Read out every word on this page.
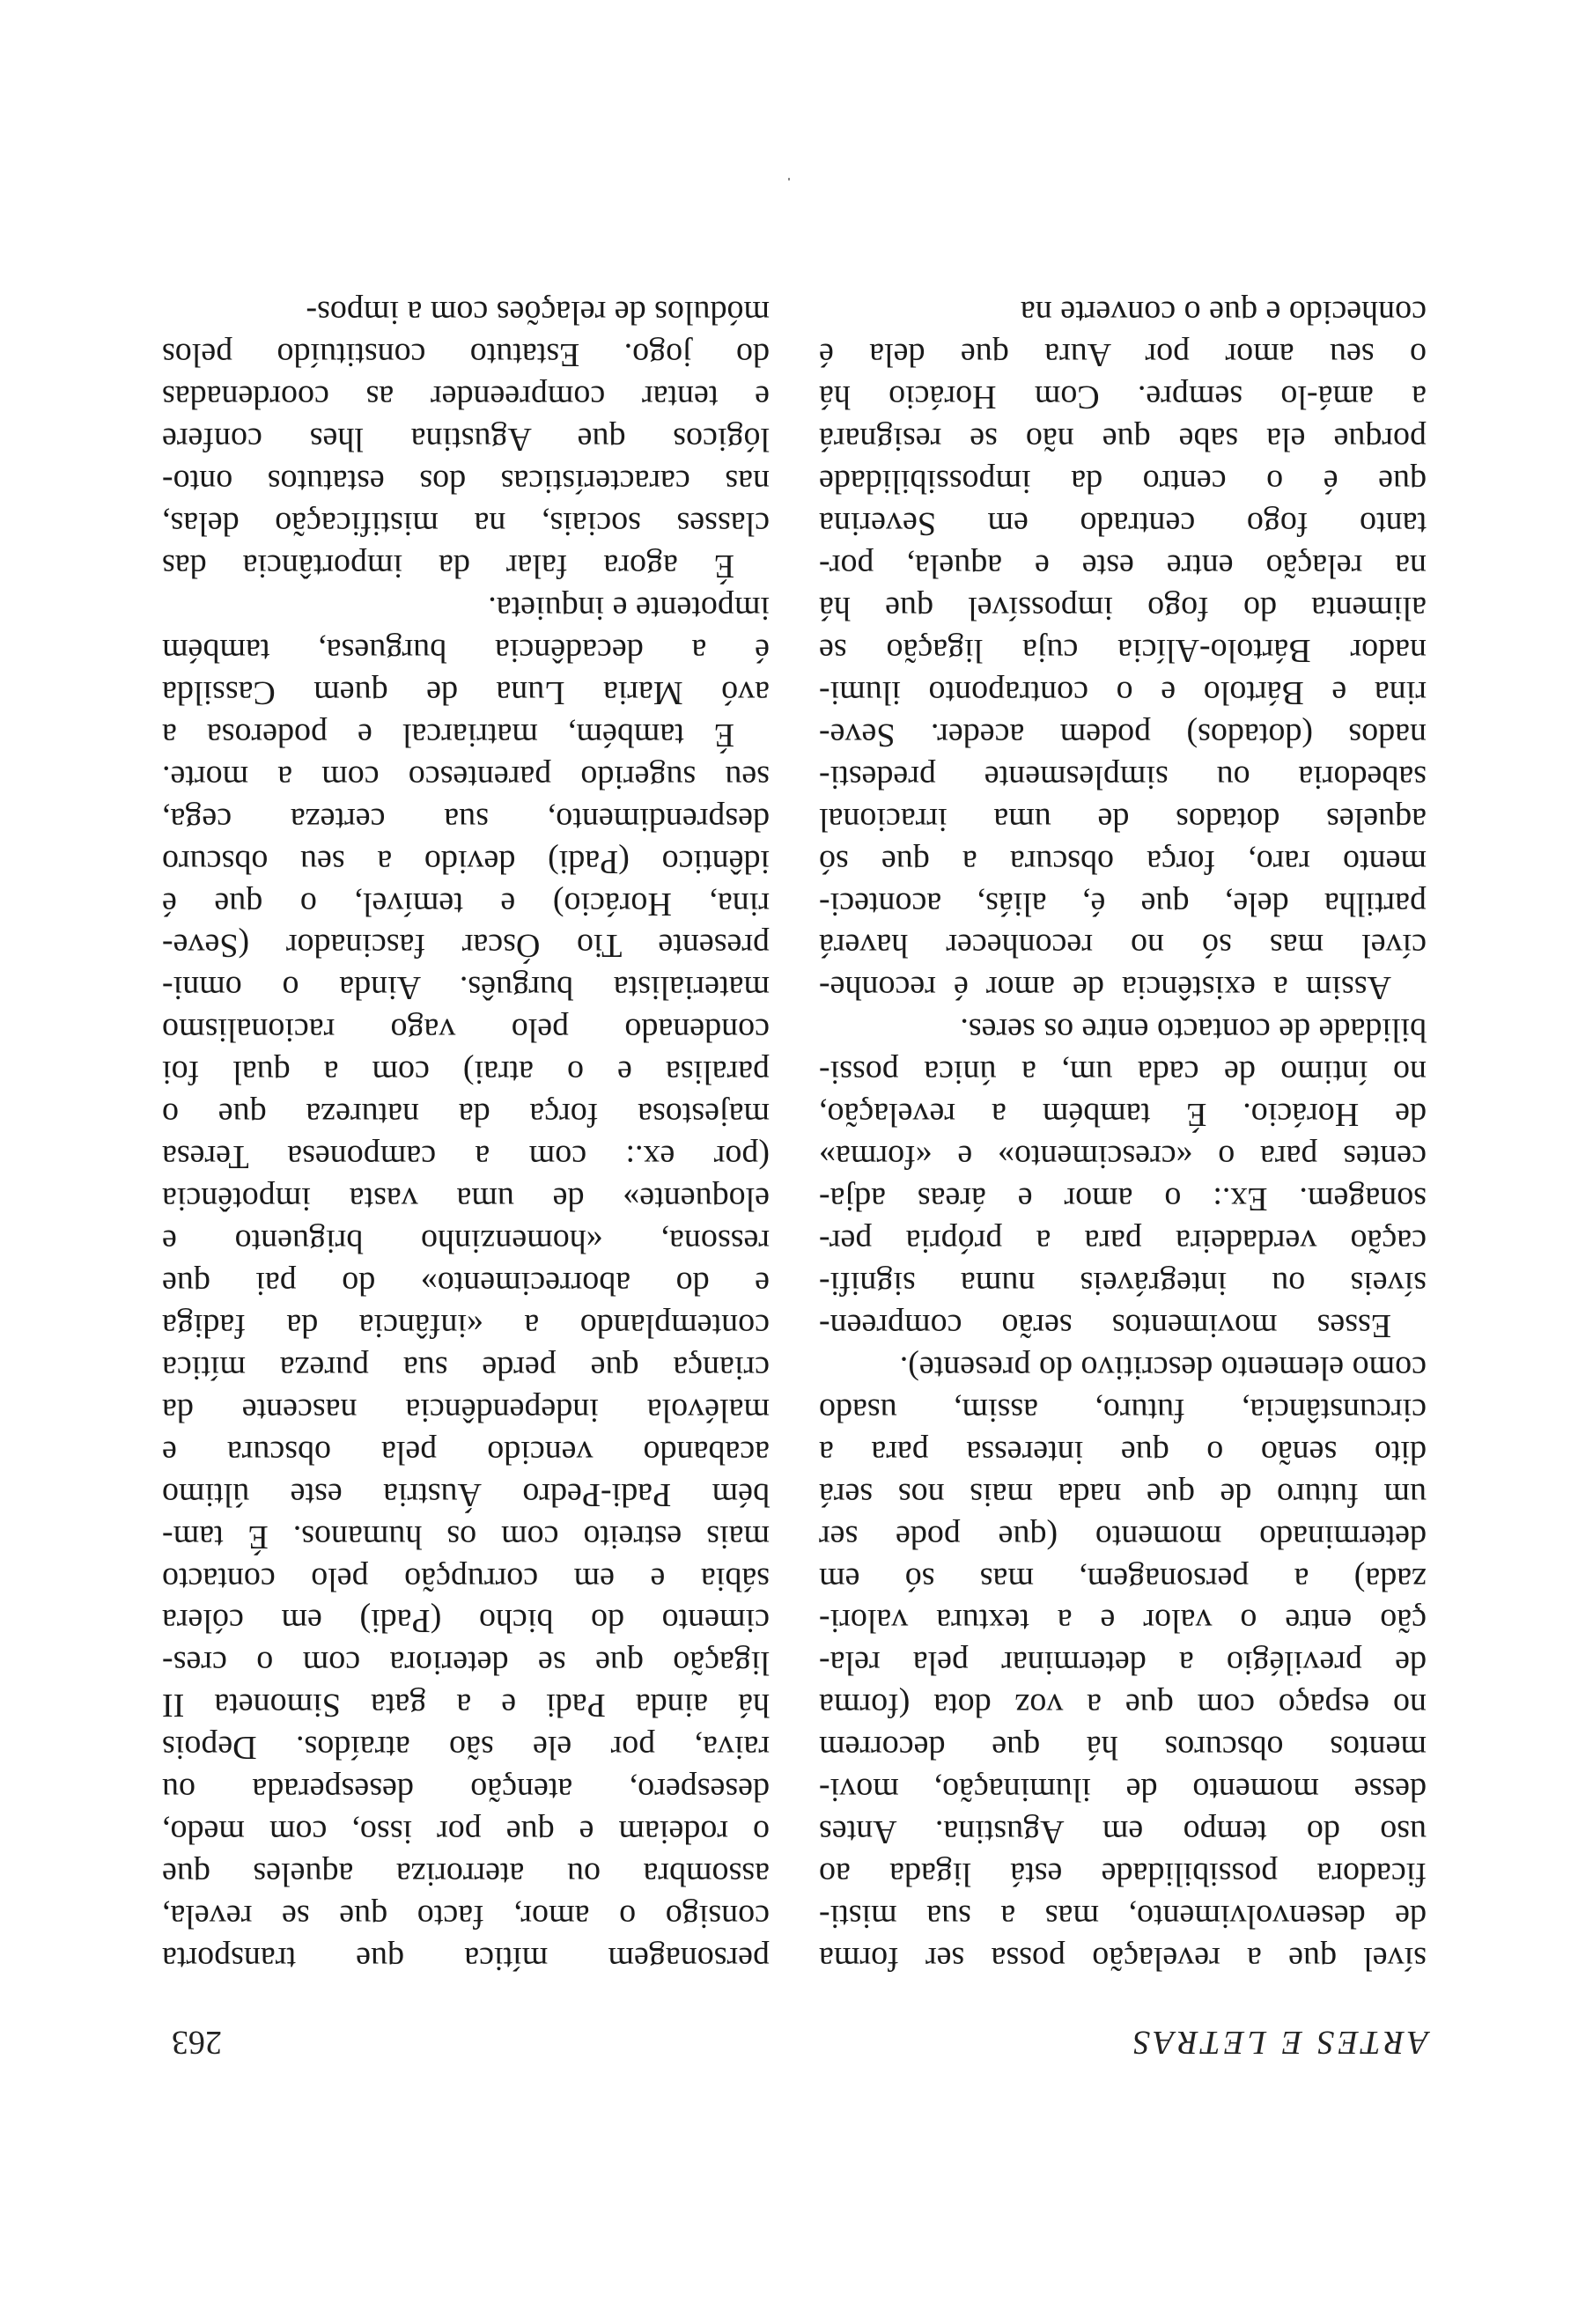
ARTES E LETRAS
263
sível que a revelação possa ser forma
de desenvolvimento, mas a sua misti-
ficadora possibilidade está ligada ao
uso do tempo em Agustina. Antes
desse momento de iluminação, movi-
mentos obscuros há que decorrem
no espaço com que a voz dota (forma
de previlégio a determinar pela rela-
ção entre o valor e a textura valori-
zada) a personagem, mas só em
determinado momento (que pode ser
um futuro de que nada mais nos será
dito senão o que interessa para a
circunstância, futuro, assim, usado
como elemento descritivo do presente).
Esses movimentos serão compreen-
síveis ou integráveis numa signifi-
cação verdadeira para a própria per-
sonagem. Ex.: o amor e áreas adja-
centes para o «crescimento» e «forma»
de Horácio. É também a revelação,
no íntimo de cada um, a única possi-
bilidade de contacto entre os seres.
Assim a existência de amor é reconhe-
cível mas só no reconhecer haverá
partilha dele, que é, aliás, aconteci-
mento raro, força obscura a que só
aqueles dotados de uma irracional
sabedoria ou simplesmente predesti-
nados (dotados) podem aceder. Seve-
rina e Bártolo e o contraponto ilumi-
nador Bártolo-Alícia cuja ligação se
alimenta do fogo impossível que há
na relação entre este e aquela, por-
tanto fogo centrado em Severina
que é o centro da impossibilidade
porque ela sabe que não se resignará
a amá-lo sempre. Com Horácio há
o seu amor por Aura que dela é
conhecido e que o converte na
personagem mítica que transporta
consigo o amor, facto que se revela,
assombra ou aterroriza aqueles que
o rodeiam e que por isso, com medo,
desespero, atenção desesperada ou
raiva, por ele são atraídos. Depois
há ainda Padi e a gata Simoneta II
ligação que se deteriora com o cres-
cimento do bicho (Padi) em cólera
sábia e em corrupção pelo contacto
mais estreito com os humanos. É tam-
bém Padi-Pedro Áustria este último
acabando vencido pela obscura e
malévola independência nascente da
criança que perde sua pureza mítica
contemplando a «infância da fadiga
e do aborrecimento» do pai que
ressona, «homenzinho briguento e
eloquente» de uma vasta impotência
(por ex.: com a camponesa Teresa
majestosa força da natureza que o
paralisa e o atrai) com a qual foi
condenado pelo vago racionalismo
materialista burguês. Ainda o omni-
presente Tio Óscar fascinador (Seve-
rina, Horácio) e temível, o que é
idêntico (Padi) devido a seu obscuro
desprendimento, sua certeza cega,
seu sugerido parentesco com a morte.
É também, matriarcal e poderosa a
avó Maria Luna de quem Cassilda
é a decadência burguesa, também
impotente e inquieta.
É agora falar da importância das
classes sociais, na mistificação delas,
nas características dos estatutos onto-
lógicos que Agustina lhes confere
e tentar compreender as coordenadas
do jogo. Estatuto constituído pelos
módulos de relações com a impos-
